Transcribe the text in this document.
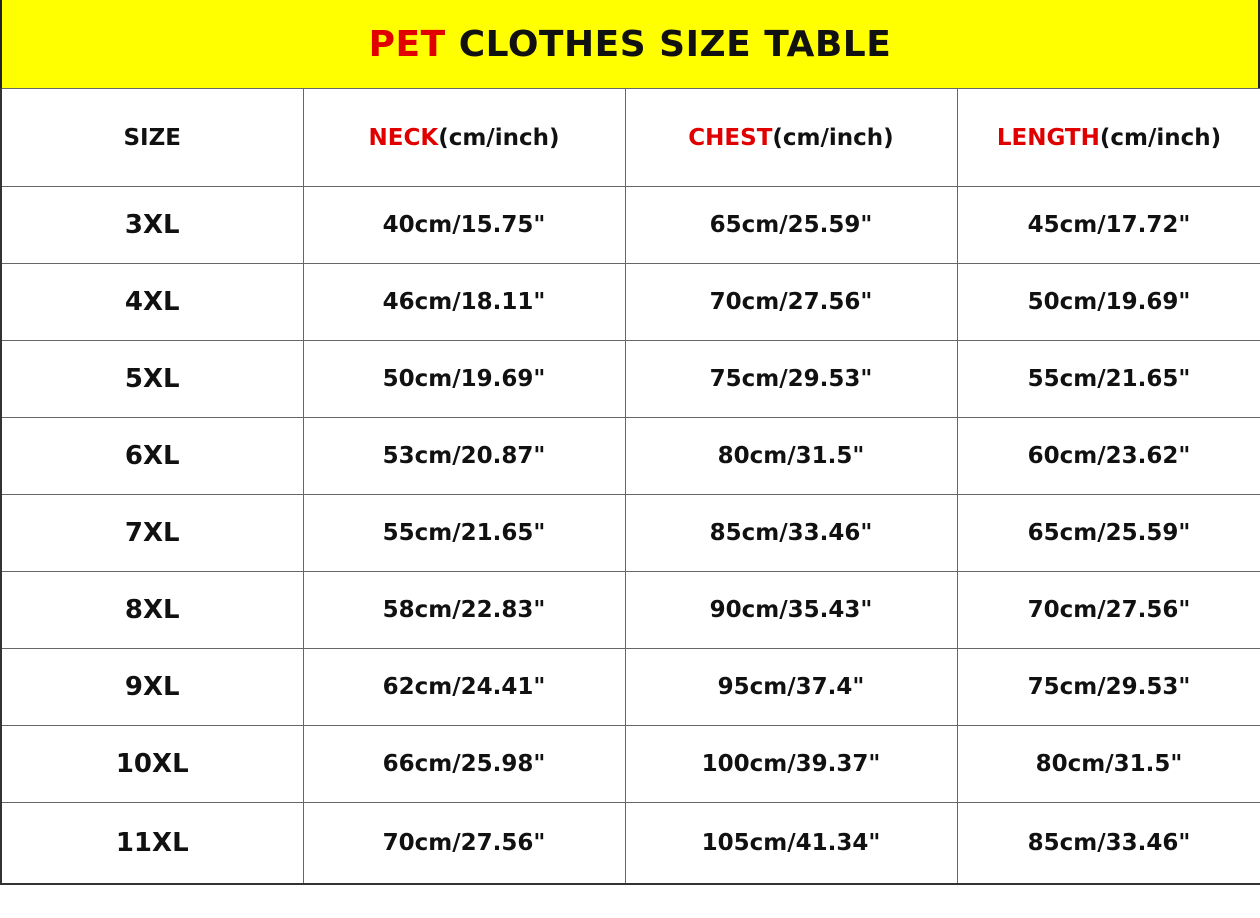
PET CLOTHES SIZE TABLE
SIZE	NECK(cm/inch)	CHEST(cm/inch)	LENGTH(cm/inch)
3XL	40cm/15.75"	65cm/25.59"	45cm/17.72"
4XL	46cm/18.11"	70cm/27.56"	50cm/19.69"
5XL	50cm/19.69"	75cm/29.53"	55cm/21.65"
6XL	53cm/20.87"	80cm/31.5"	60cm/23.62"
7XL	55cm/21.65"	85cm/33.46"	65cm/25.59"
8XL	58cm/22.83"	90cm/35.43"	70cm/27.56"
9XL	62cm/24.41"	95cm/37.4"	75cm/29.53"
10XL	66cm/25.98"	100cm/39.37"	80cm/31.5"
11XL	70cm/27.56"	105cm/41.34"	85cm/33.46"
